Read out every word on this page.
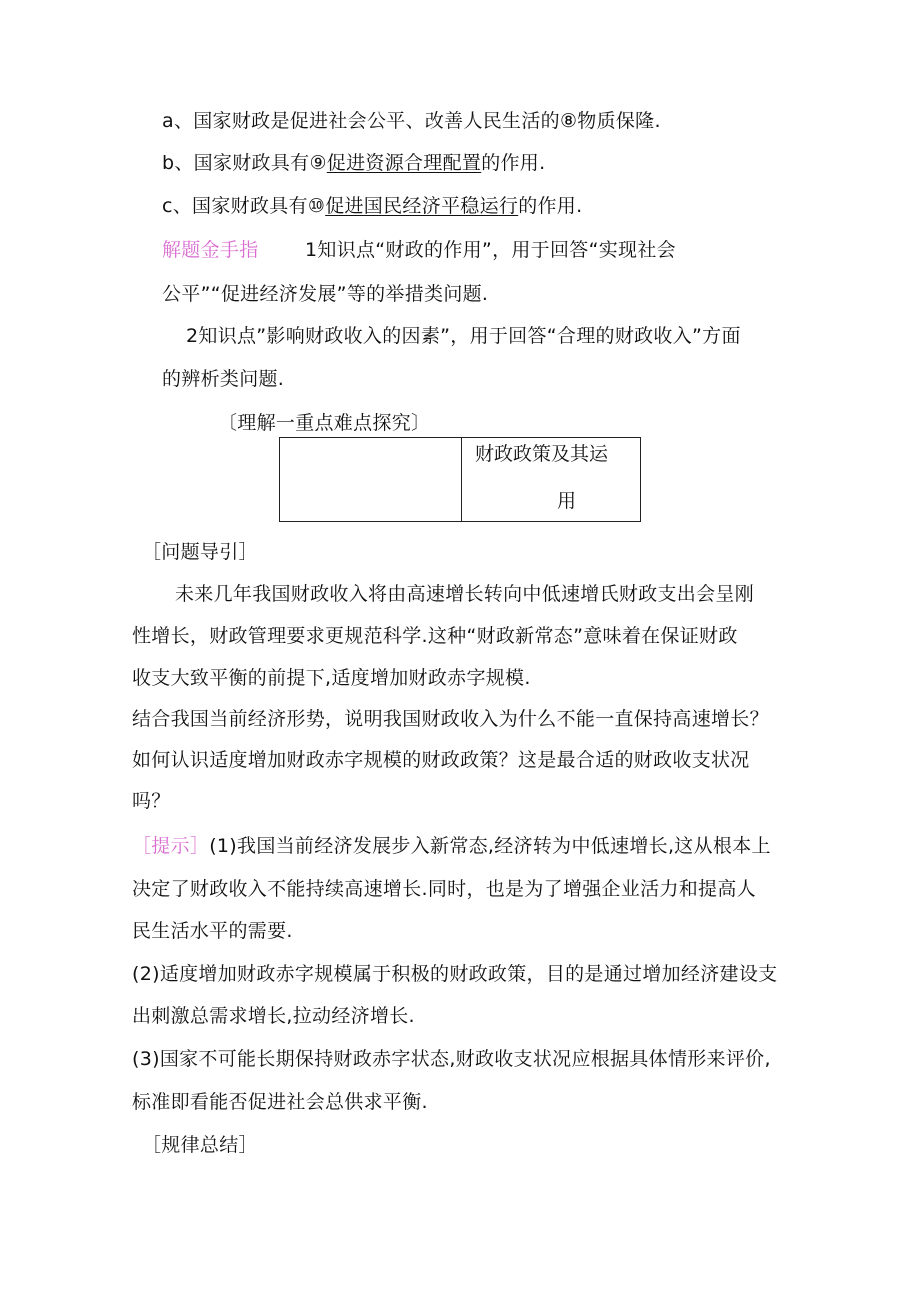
a、国家财政是促进社会公平、改善人民生活的⑧物质保隆.
b、国家财政具有⑨促进资源合理配置的作用.
c、国家财政具有⑩促进国民经济平稳运行的作用.
解题金手指 1知识点“财政的作用”，用于回答“实现社会
公平”“促进经济发展”等的举措类问题.
2知识点”影响财政收入的因素”，用于回答“合理的财政收入”方面
的辨析类问题.
〔理解一重点难点探究〕
财政政策及其运
用
［问题导引］
未来几年我国财政收入将由高速增长转向中低速增氏财政支出会呈刚
性增长，财政管理要求更规范科学.这种“财政新常态”意味着在保证财政
收支大致平衡的前提下,适度增加财政赤字规模.
结合我国当前经济形势，说明我国财政收入为什么不能一直保持高速增长？
如何认识适度增加财政赤字规模的财政政策？这是最合适的财政收支状况
吗？
［提示］(1)我国当前经济发展步入新常态,经济转为中低速增长,这从根本上
决定了财政收入不能持续高速增长.同时，也是为了增强企业活力和提高人
民生活水平的需要.
(2)适度增加财政赤字规模属于积极的财政政策，目的是通过增加经济建设支
出刺激总需求增长,拉动经济增长.
(3)国家不可能长期保持财政赤字状态,财政收支状况应根据具体情形来评价,
标准即看能否促进社会总供求平衡.
［规律总结］
